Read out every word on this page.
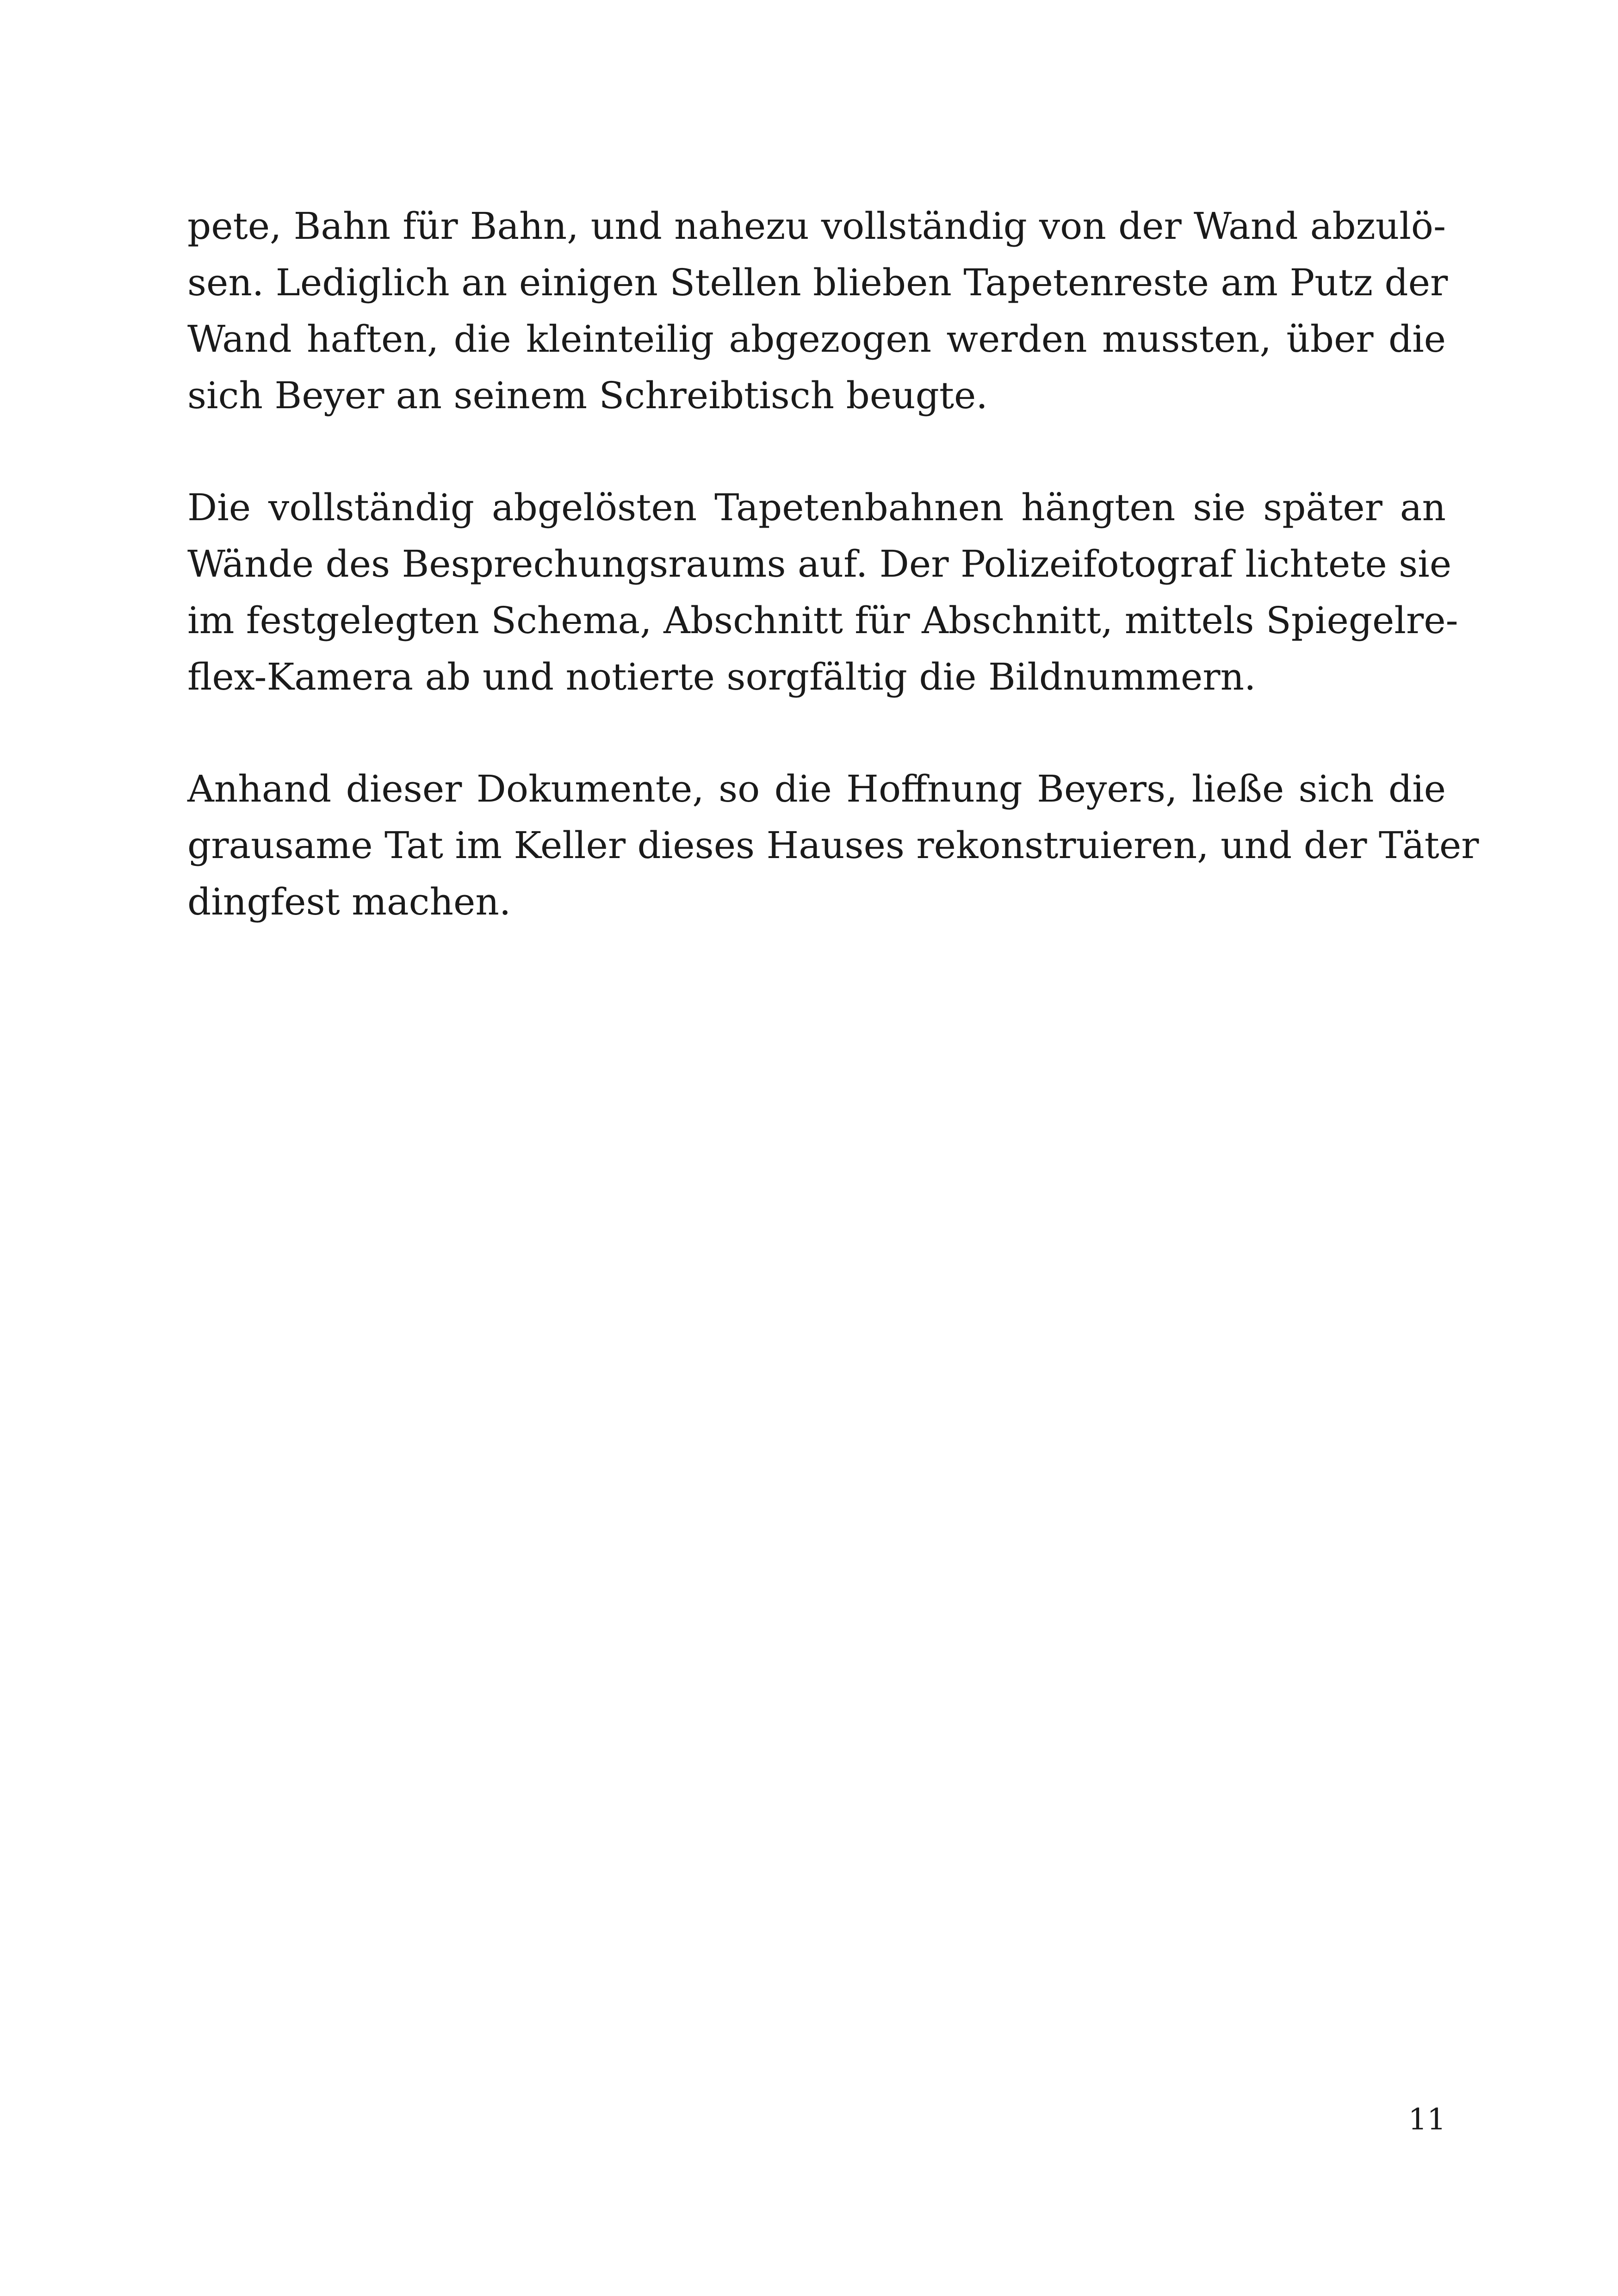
pete, Bahn für Bahn, und nahezu vollständig von der Wand abzulö-
sen. Lediglich an einigen Stellen blieben Tapetenreste am Putz der
Wand haften, die kleinteilig abgezogen werden mussten, über die
sich Beyer an seinem Schreibtisch beugte.

Die vollständig abgelösten Tapetenbahnen hängten sie später an
Wände des Besprechungsraums auf. Der Polizeifotograf lichtete sie
im festgelegten Schema, Abschnitt für Abschnitt, mittels Spiegelre-
flex-Kamera ab und notierte sorgfältig die Bildnummern.

Anhand dieser Dokumente, so die Hoffnung Beyers, ließe sich die
grausame Tat im Keller dieses Hauses rekonstruieren, und der Täter
dingfest machen.

11
